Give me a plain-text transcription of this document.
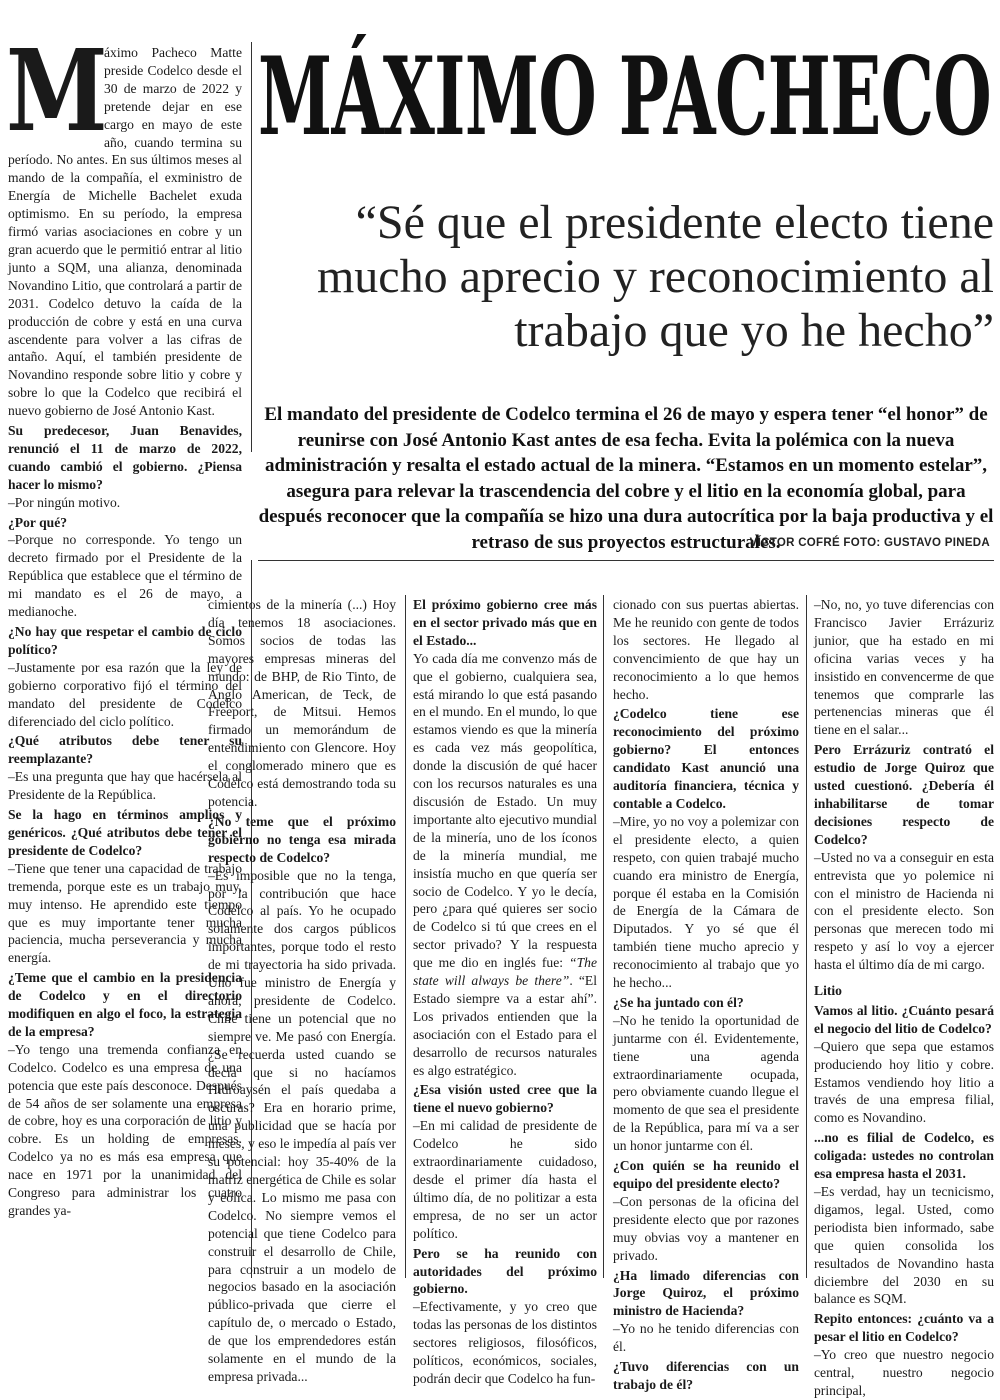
MÁXIMO PACHECO
“Sé que el presidente electo tiene mucho aprecio y reconocimiento al trabajo que yo he hecho”
El mandato del presidente de Codelco termina el 26 de mayo y espera tener “el honor” de reunirse con José Antonio Kast antes de esa fecha. Evita la polémica con la nueva administración y resalta el estado actual de la minera. “Estamos en un momento estelar”, asegura para relevar la trascendencia del cobre y el litio en la economía global, para después reconocer que la compañía se hizo una dura autocrítica por la baja productiva y el retraso de sus proyectos estructurales.
VÍCTOR COFRÉ FOTO: GUSTAVO PINEDA
M

áximo Pacheco Matte preside Codelco desde el 30 de marzo de 2022 y pretende dejar en ese cargo en mayo de este año, cuando termina su período. No antes. En sus últimos meses al mando de la compañía, el exministro de Energía de Michelle Bachelet exuda optimismo. En su período, la empresa firmó varias asociaciones en cobre y un gran acuerdo que le permitió entrar al litio junto a SQM, una alianza, denominada Novandino Litio, que controlará a partir de 2031. Codelco detuvo la caída de la producción de cobre y está en una curva ascendente para volver a las cifras de antaño. Aquí, el también presidente de Novandino responde sobre litio y cobre y sobre lo que la Codelco que recibirá el nuevo gobierno de José Antonio Kast.

Su predecesor, Juan Benavides, renunció el 11 de marzo de 2022, cuando cambió el gobierno. ¿Piensa hacer lo mismo?

–Por ningún motivo.

¿Por qué?

–Porque no corresponde. Yo tengo un decreto firmado por el Presidente de la República que establece que el término de mi mandato es el 26 de mayo, a medianoche.

¿No hay que respetar el cambio de ciclo político?

–Justamente por esa razón que la ley de gobierno corporativo fijó el término del mandato del presidente de Codelco diferenciado del ciclo político.

¿Qué atributos debe tener su reemplazante?

–Es una pregunta que hay que hacérsela al Presidente de la República.

Se la hago en términos amplios y genéricos. ¿Qué atributos debe tener el presidente de Codelco?

–Tiene que tener una capacidad de trabajo tremenda, porque este es un trabajo muy, muy intenso. He aprendido este tiempo que es muy importante tener mucha paciencia, mucha perseverancia y mucha energía.

¿Teme que el cambio en la presidencia de Codelco y en el directorio modifiquen en algo el foco, la estrategia de la empresa?

–Yo tengo una tremenda confianza en Codelco. Codelco es una empresa de una potencia que este país desconoce. Después de 54 años de ser solamente una empresa de cobre, hoy es una corporación de litio y cobre. Es un holding de empresas. Codelco ya no es más esa empresa que nace en 1971 por la unanimidad del Congreso para administrar los cuatro grandes ya-

cimientos de la minería (...) Hoy día tenemos 18 asociaciones. Somos socios de todas las mayores empresas mineras del mundo: de BHP, de Rio Tinto, de Anglo American, de Teck, de Freeport, de Mitsui. Hemos firmado un memorándum de entendimiento con Glencore. Hoy el conglomerado minero que es Codelco está demostrando toda su potencia.

¿No teme que el próximo gobierno no tenga esa mirada respecto de Codelco?

–Es imposible que no la tenga, por la contribución que hace Codelco al país. Yo he ocupado solamente dos cargos públicos importantes, porque todo el resto de mi trayectoria ha sido privada. Uno fue ministro de Energía y ahora, presidente de Codelco. Chile tiene un potencial que no siempre ve. Me pasó con Energía. ¿Se recuerda usted cuando se decía que si no hacíamos Hidroaysén el país quedaba a oscuras? Era en horario prime, una publicidad que se hacía por meses, y eso le impedía al país ver su potencial: hoy 35-40% de la matriz energética de Chile es solar y eólica. Lo mismo me pasa con Codelco. No siempre vemos el potencial que tiene Codelco para construir el desarrollo de Chile, para construir a un modelo de negocios basado en la asociación público-privada que cierre el capítulo de, o mercado o Estado, de que los emprendedores están solamente en el mundo de la empresa privada...

El próximo gobierno cree más en el sector privado más que en el Estado...

Yo cada día me convenzo más de que el gobierno, cualquiera sea, está mirando lo que está pasando en el mundo. En el mundo, lo que estamos viendo es que la minería es cada vez más geopolítica, donde la discusión de qué hacer con los recursos naturales es una discusión de Estado. Un muy importante alto ejecutivo mundial de la minería, uno de los íconos de la minería mundial, me insistía mucho en que quería ser socio de Codelco. Y yo le decía, pero ¿para qué quieres ser socio de Codelco si tú que crees en el sector privado? Y la respuesta que me dio en inglés fue: “The state will always be there”. “El Estado siempre va a estar ahí”. Los privados entienden que la asociación con el Estado para el desarrollo de recursos naturales es algo estratégico.

¿Esa visión usted cree que la tiene el nuevo gobierno?

–En mi calidad de presidente de Codelco he sido extraordinariamente cuidadoso, desde el primer día hasta el último día, de no politizar a esta empresa, de no ser un actor político.

Pero se ha reunido con autoridades del próximo gobierno.

–Efectivamente, y yo creo que todas las personas de los distintos sectores religiosos, filosóficos, políticos, económicos, sociales, podrán decir que Codelco ha fun-

cionado con sus puertas abiertas. Me he reunido con gente de todos los sectores. He llegado al convencimiento de que hay un reconocimiento a lo que hemos hecho.

¿Codelco tiene ese reconocimiento del próximo gobierno? El entonces candidato Kast anunció una auditoría financiera, técnica y contable a Codelco.

–Mire, yo no voy a polemizar con el presidente electo, a quien respeto, con quien trabajé mucho cuando era ministro de Energía, porque él estaba en la Comisión de Energía de la Cámara de Diputados. Y yo sé que él también tiene mucho aprecio y reconocimiento al trabajo que yo he hecho...

¿Se ha juntado con él?

–No he tenido la oportunidad de juntarme con él. Evidentemente, tiene una agenda extraordinariamente ocupada, pero obviamente cuando llegue el momento de que sea el presidente de la República, para mí va a ser un honor juntarme con él.

¿Con quién se ha reunido el equipo del presidente electo?

–Con personas de la oficina del presidente electo que por razones muy obvias voy a mantener en privado.

¿Ha limado diferencias con Jorge Quiroz, el próximo ministro de Hacienda?

–Yo no he tenido diferencias con él.

¿Tuvo diferencias con un trabajo de él?

–No, no, yo tuve diferencias con Francisco Javier Errázuriz junior, que ha estado en mi oficina varias veces y ha insistido en convencerme de que tenemos que comprarle las pertenencias mineras que él tiene en el salar...

Pero Errázuriz contrató el estudio de Jorge Quiroz que usted cuestionó. ¿Debería él inhabilitarse de tomar decisiones respecto de Codelco?

–Usted no va a conseguir en esta entrevista que yo polemice ni con el ministro de Hacienda ni con el presidente electo. Son personas que merecen todo mi respeto y así lo voy a ejercer hasta el último día de mi cargo.

Litio

Vamos al litio. ¿Cuánto pesará el negocio del litio de Codelco?

–Quiero que sepa que estamos produciendo hoy litio y cobre. Estamos vendiendo hoy litio a través de una empresa filial, como es Novandino.

...no es filial de Codelco, es coligada: ustedes no controlan esa empresa hasta el 2031.

–Es verdad, hay un tecnicismo, digamos, legal. Usted, como periodista bien informado, sabe que quien consolida los resultados de Novandino hasta diciembre del 2030 en su balance es SQM.

Repito entonces: ¿cuánto va a pesar el litio en Codelco?

–Yo creo que nuestro negocio central, nuestro negocio principal,
